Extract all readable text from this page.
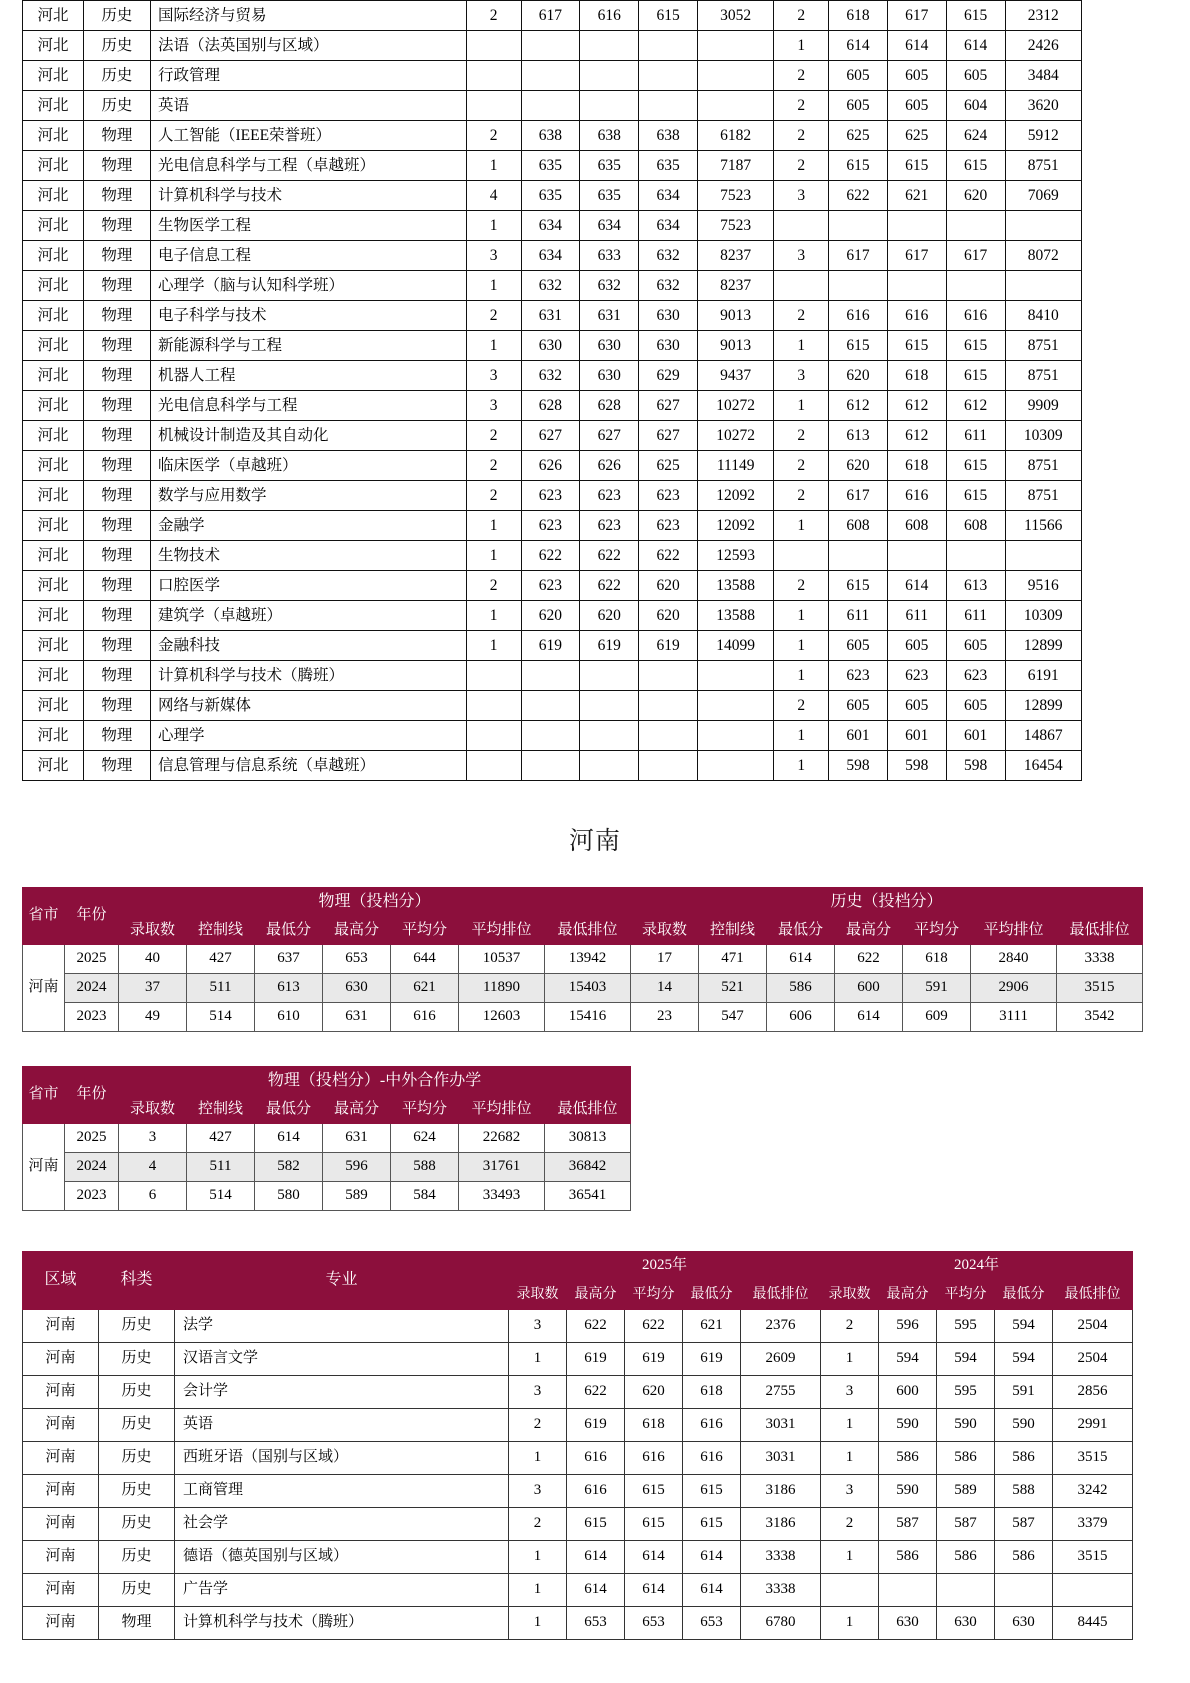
河北	历史	国际经济与贸易	2	617	616	615	3052	2	618	617	615	2312
河北	历史	法语（法英国别与区域）						1	614	614	614	2426
河北	历史	行政管理						2	605	605	605	3484
河北	历史	英语						2	605	605	604	3620
河北	物理	人工智能（IEEE荣誉班）	2	638	638	638	6182	2	625	625	624	5912
河北	物理	光电信息科学与工程（卓越班）	1	635	635	635	7187	2	615	615	615	8751
河北	物理	计算机科学与技术	4	635	635	634	7523	3	622	621	620	7069
河北	物理	生物医学工程	1	634	634	634	7523					
河北	物理	电子信息工程	3	634	633	632	8237	3	617	617	617	8072
河北	物理	心理学（脑与认知科学班）	1	632	632	632	8237					
河北	物理	电子科学与技术	2	631	631	630	9013	2	616	616	616	8410
河北	物理	新能源科学与工程	1	630	630	630	9013	1	615	615	615	8751
河北	物理	机器人工程	3	632	630	629	9437	3	620	618	615	8751
河北	物理	光电信息科学与工程	3	628	628	627	10272	1	612	612	612	9909
河北	物理	机械设计制造及其自动化	2	627	627	627	10272	2	613	612	611	10309
河北	物理	临床医学（卓越班）	2	626	626	625	11149	2	620	618	615	8751
河北	物理	数学与应用数学	2	623	623	623	12092	2	617	616	615	8751
河北	物理	金融学	1	623	623	623	12092	1	608	608	608	11566
河北	物理	生物技术	1	622	622	622	12593					
河北	物理	口腔医学	2	623	622	620	13588	2	615	614	613	9516
河北	物理	建筑学（卓越班）	1	620	620	620	13588	1	611	611	611	10309
河北	物理	金融科技	1	619	619	619	14099	1	605	605	605	12899
河北	物理	计算机科学与技术（腾班）						1	623	623	623	6191
河北	物理	网络与新媒体						2	605	605	605	12899
河北	物理	心理学						1	601	601	601	14867
河北	物理	信息管理与信息系统（卓越班）						1	598	598	598	16454
河南
省市	年份	物理（投档分）							历史（投档分）						
		录取数	控制线	最低分	最高分	平均分	平均排位	最低排位	录取数	控制线	最低分	最高分	平均分	平均排位	最低排位
河南	2025	40	427	637	653	644	10537	13942	17	471	614	622	618	2840	3338
	2024	37	511	613	630	621	11890	15403	14	521	586	600	591	2906	3515
	2023	49	514	610	631	616	12603	15416	23	547	606	614	609	3111	3542
省市	年份	物理（投档分）-中外合作办学						
		录取数	控制线	最低分	最高分	平均分	平均排位	最低排位
河南	2025	3	427	614	631	624	22682	30813
	2024	4	511	582	596	588	31761	36842
	2023	6	514	580	589	584	33493	36541
区域	科类	专业	2025年					2024年				
			录取数	最高分	平均分	最低分	最低排位	录取数	最高分	平均分	最低分	最低排位
河南	历史	法学	3	622	622	621	2376	2	596	595	594	2504
河南	历史	汉语言文学	1	619	619	619	2609	1	594	594	594	2504
河南	历史	会计学	3	622	620	618	2755	3	600	595	591	2856
河南	历史	英语	2	619	618	616	3031	1	590	590	590	2991
河南	历史	西班牙语（国别与区域）	1	616	616	616	3031	1	586	586	586	3515
河南	历史	工商管理	3	616	615	615	3186	3	590	589	588	3242
河南	历史	社会学	2	615	615	615	3186	2	587	587	587	3379
河南	历史	德语（德英国别与区域）	1	614	614	614	3338	1	586	586	586	3515
河南	历史	广告学	1	614	614	614	3338					
河南	物理	计算机科学与技术（腾班）	1	653	653	653	6780	1	630	630	630	8445
